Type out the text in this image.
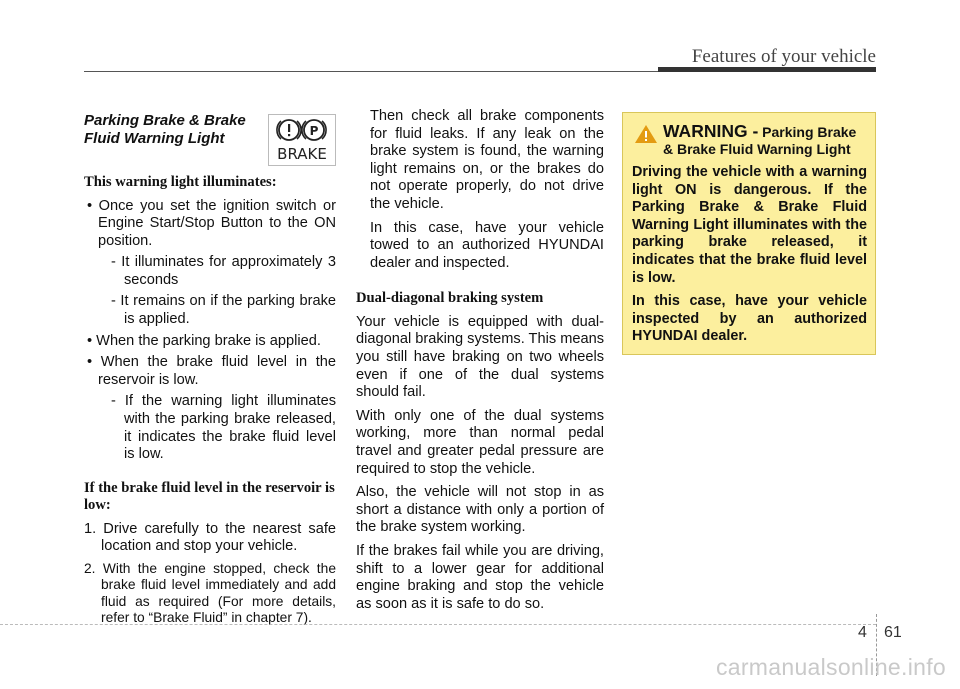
Features of your vehicle
Parking Brake & Brake Fluid Warning Light	P
BRAKE
This warning light illuminates:
• Once you set the ignition switch or Engine Start/Stop Button to the ON position.
- It illuminates for approximately 3 seconds
- It remains on if the parking brake is applied.
• When the parking brake is applied.
• When the brake fluid level in the reservoir is low.
- If the warning light illuminates with the parking brake released, it indicates the brake fluid level is low.
If the brake fluid level in the reservoir is low:
1. Drive carefully to the nearest safe location and stop your vehicle.
2. With the engine stopped, check the brake fluid level immediately and add fluid as required (For more details, refer to “Brake Fluid” in chapter 7).

Then check all brake components for fluid leaks. If any leak on the brake system is found, the warning light remains on, or the brakes do not operate properly, do not drive the vehicle.

In this case, have your vehicle towed to an authorized HYUNDAI dealer and inspected.

Dual-diagonal braking system

Your vehicle is equipped with dual-diagonal braking systems. This means you still have braking on two wheels even if one of the dual systems should fail.

With only one of the dual systems working, more than normal pedal travel and greater pedal pressure are required to stop the vehicle.

Also, the vehicle will not stop in as short a distance with only a portion of the brake system working.

If the brakes fail while you are driving, shift to a lower gear for additional engine braking and stop the vehicle as soon as it is safe to do so.

WARNING - Parking Brake & Brake Fluid Warning Light
Driving the vehicle with a warning light ON is dangerous. If the Parking Brake & Brake Fluid Warning Light illuminates with the parking brake released, it indicates that the brake fluid level is low.
In this case, have your vehicle inspected by an authorized HYUNDAI dealer.
4 61
carmanualsonline.info
